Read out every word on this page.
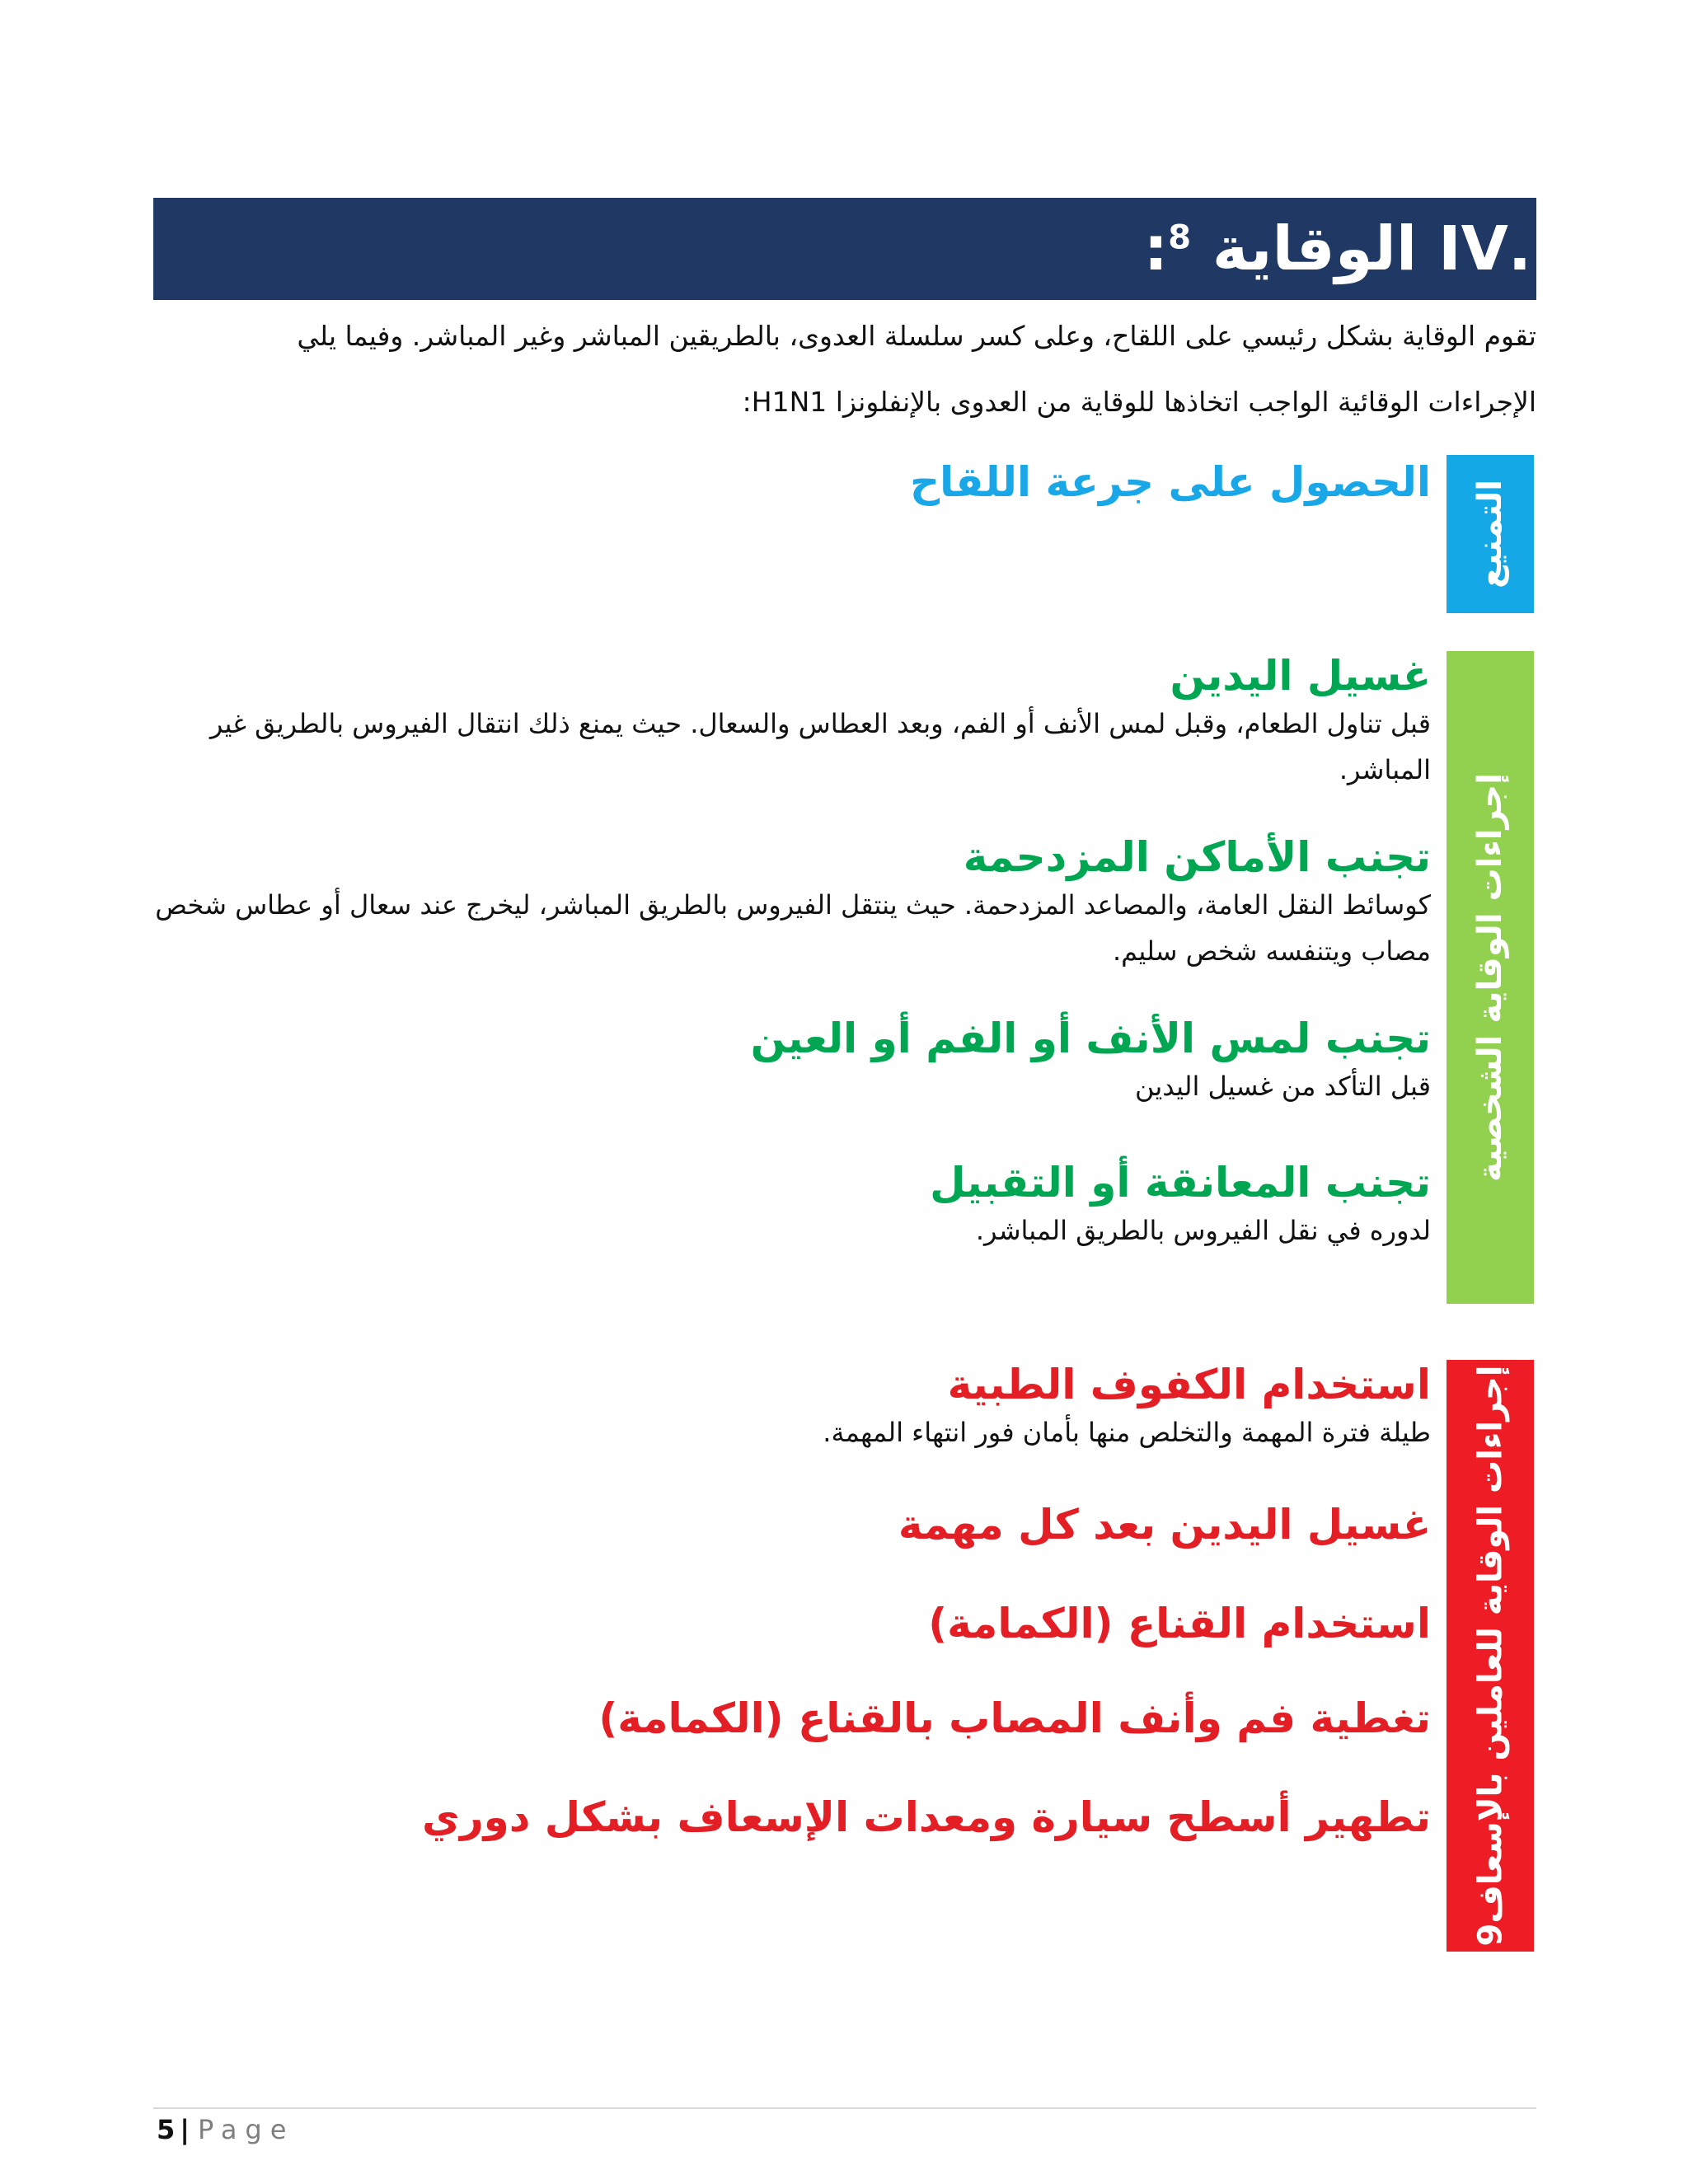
.IV الوقاية $^8$:
تقوم الوقاية بشكل رئيسي على اللقاح، وعلى كسر سلسلة العدوى، بالطريقين المباشر وغير المباشر. وفيما يلي
الإجراءات الوقائية الواجب اتخاذها للوقاية من العدوى بالإنفلونزا H1N1:
التمنيع
الحصول على جرعة اللقاح
إجراءات الوقاية الشخصية
غسيل اليدين
قبل تناول الطعام، وقبل لمس الأنف أو الفم، وبعد العطاس والسعال. حيث يمنع ذلك انتقال الفيروس بالطريق غير المباشر.
تجنب الأماكن المزدحمة
كوسائط النقل العامة، والمصاعد المزدحمة. حيث ينتقل الفيروس بالطريق المباشر، ليخرج عند سعال أو عطاس شخص مصاب ويتنفسه شخص سليم.
تجنب لمس الأنف أو الفم أو العين
قبل التأكد من غسيل اليدين
تجنب المعانقة أو التقبيل
لدوره في نقل الفيروس بالطريق المباشر.
إجراءات الوقاية للعاملين بالإسعاف9
استخدام الكفوف الطبية
طيلة فترة المهمة والتخلص منها بأمان فور انتهاء المهمة.
غسيل اليدين بعد كل مهمة
استخدام القناع (الكمامة)
تغطية فم وأنف المصاب بالقناع (الكمامة)
تطهير أسطح سيارة ومعدات الإسعاف بشكل دوري
5 | Page
